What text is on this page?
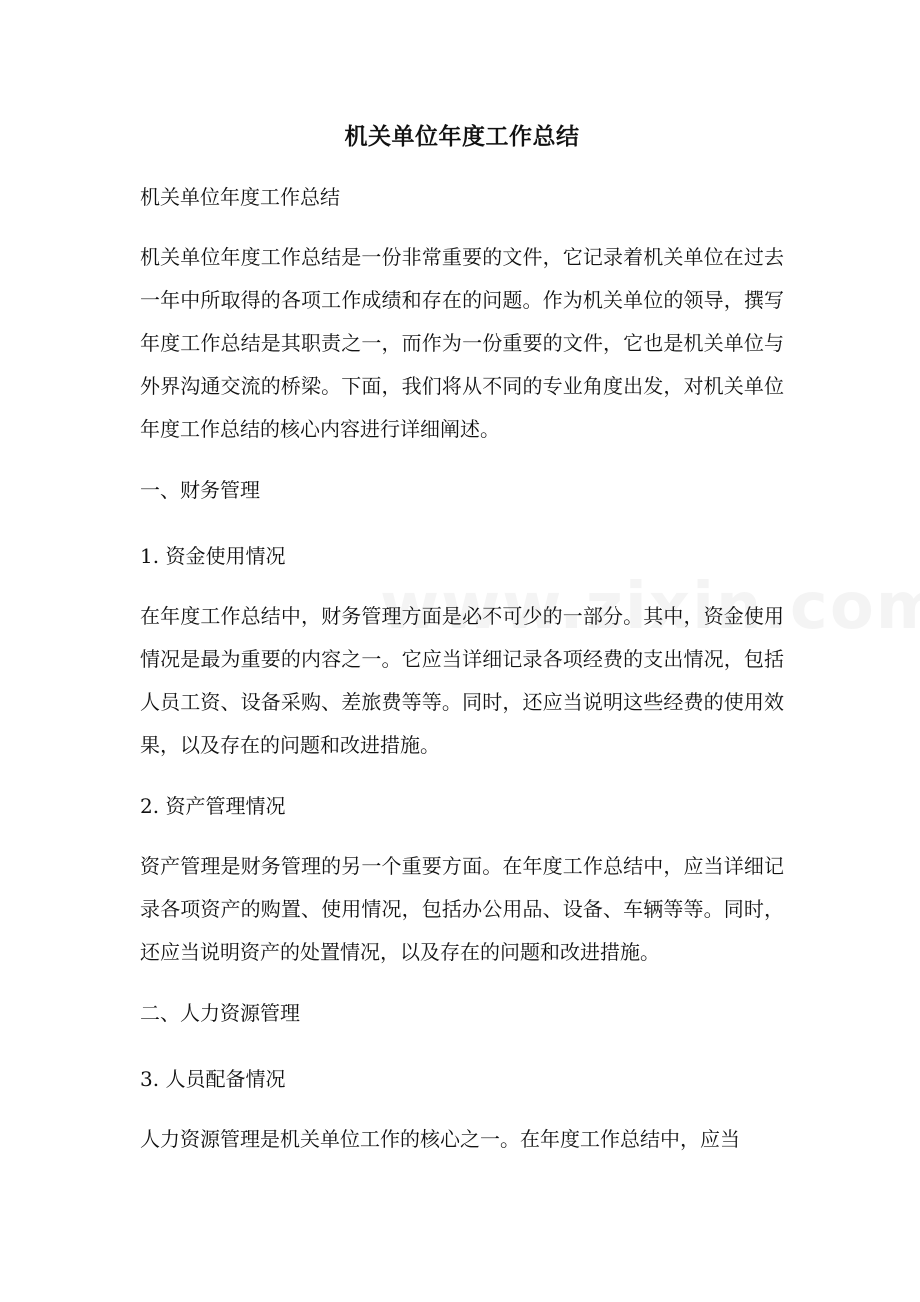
机关单位年度工作总结

机关单位年度工作总结

机关单位年度工作总结是一份非常重要的文件，它记录着机关单位在过去一年中所取得的各项工作成绩和存在的问题。作为机关单位的领导，撰写年度工作总结是其职责之一，而作为一份重要的文件，它也是机关单位与外界沟通交流的桥梁。下面，我们将从不同的专业角度出发，对机关单位年度工作总结的核心内容进行详细阐述。

一、财务管理

1. 资金使用情况

在年度工作总结中，财务管理方面是必不可少的一部分。其中，资金使用情况是最为重要的内容之一。它应当详细记录各项经费的支出情况，包括人员工资、设备采购、差旅费等等。同时，还应当说明这些经费的使用效果，以及存在的问题和改进措施。

2. 资产管理情况

资产管理是财务管理的另一个重要方面。在年度工作总结中，应当详细记录各项资产的购置、使用情况，包括办公用品、设备、车辆等等。同时，还应当说明资产的处置情况，以及存在的问题和改进措施。

二、人力资源管理

3. 人员配备情况

人力资源管理是机关单位工作的核心之一。在年度工作总结中，应当
